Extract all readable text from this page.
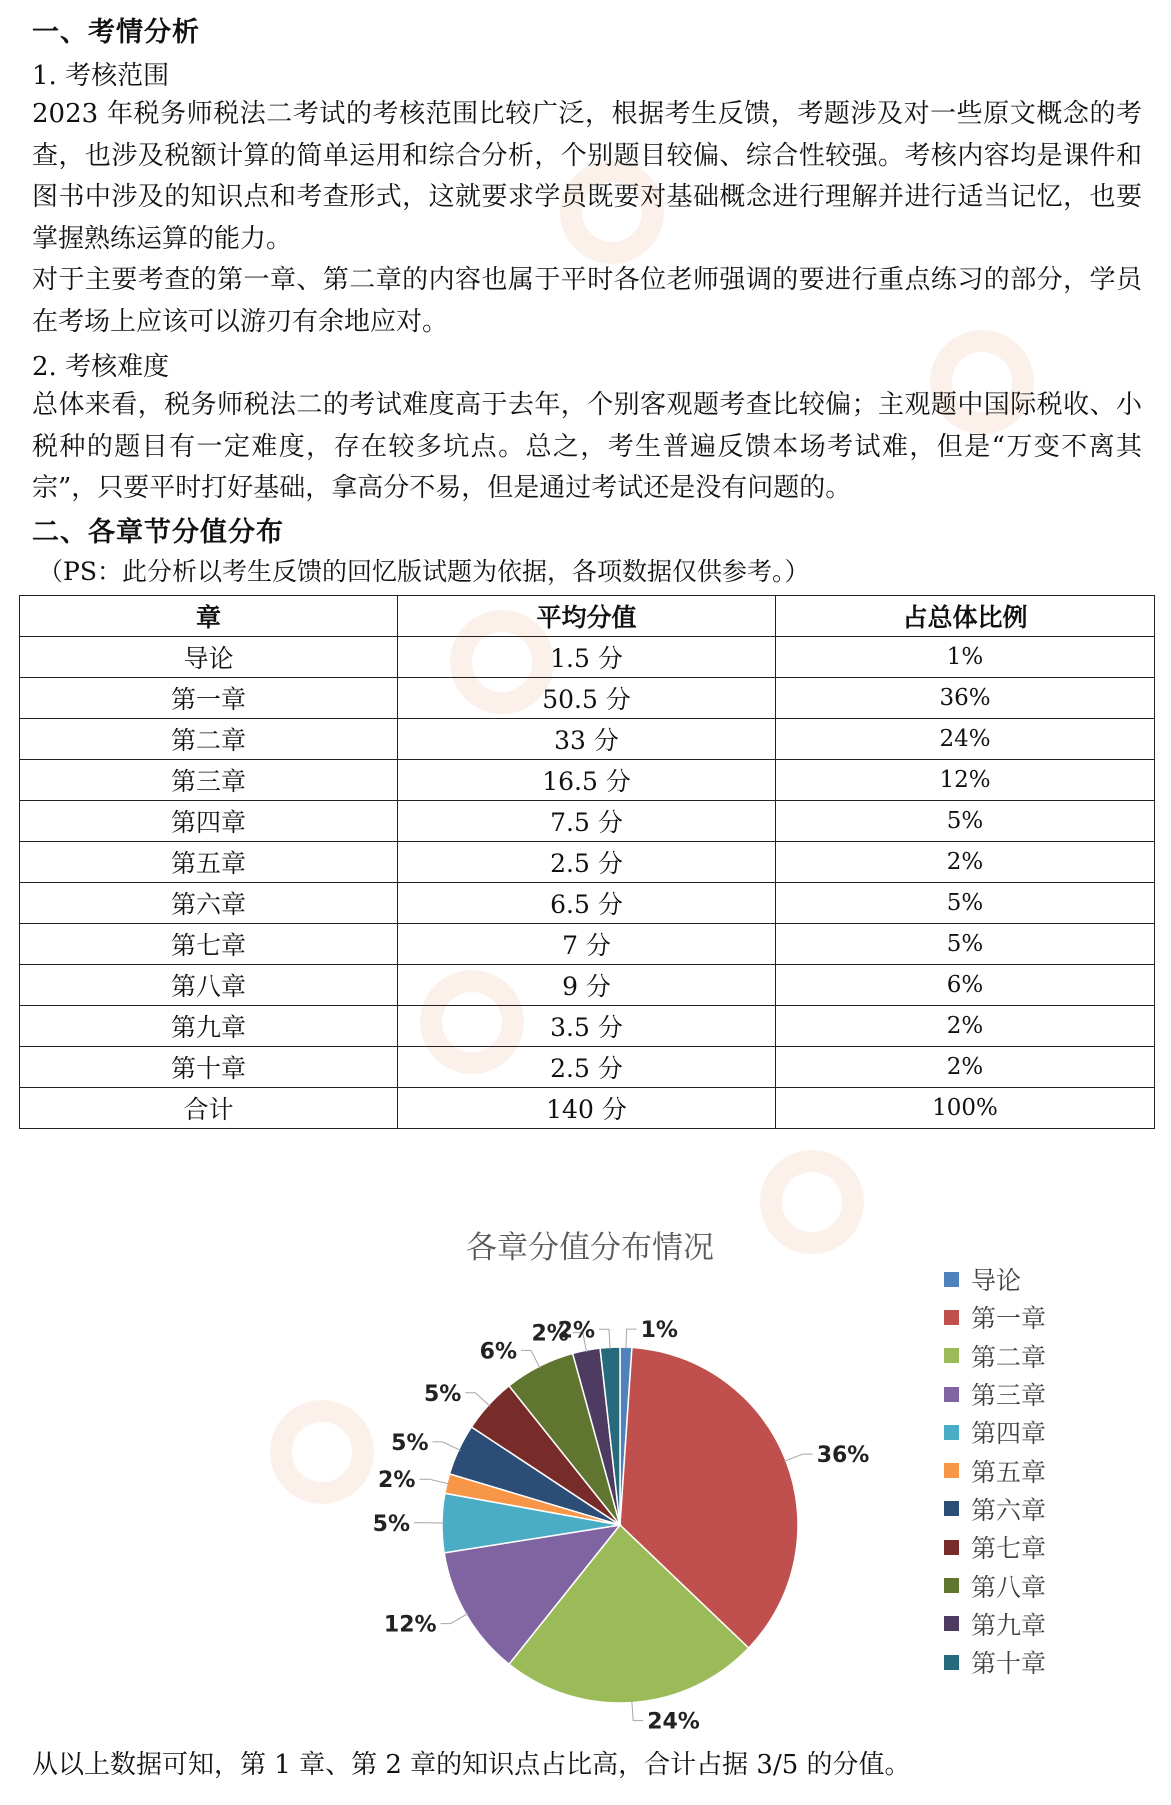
一、考情分析
1. 考核范围
2023 年税务师税法二考试的考核范围比较广泛，根据考生反馈，考题涉及对一些原文概念的考查，也涉及税额计算的简单运用和综合分析，个别题目较偏、综合性较强。考核内容均是课件和图书中涉及的知识点和考查形式，这就要求学员既要对基础概念进行理解并进行适当记忆，也要掌握熟练运算的能力。
对于主要考查的第一章、第二章的内容也属于平时各位老师强调的要进行重点练习的部分，学员在考场上应该可以游刃有余地应对。
2. 考核难度
总体来看，税务师税法二的考试难度高于去年，个别客观题考查比较偏；主观题中国际税收、小税种的题目有一定难度，存在较多坑点。总之，考生普遍反馈本场考试难，但是“万变不离其宗”，只要平时打好基础，拿高分不易，但是通过考试还是没有问题的。
二、各章节分值分布
（PS：此分析以考生反馈的回忆版试题为依据，各项数据仅供参考。）
章	平均分值	占总体比例
导论	1.5 分	1%
第一章	50.5 分	36%
第二章	33 分	24%
第三章	16.5 分	12%
第四章	7.5 分	5%
第五章	2.5 分	2%
第六章	6.5 分	5%
第七章	7 分	5%
第八章	9 分	6%
第九章	3.5 分	2%
第十章	2.5 分	2%
合计	140 分	100%
各章分值分布情况
1%
36%
24%
12%
5%
2%
5%
5%
6%
2%
2%
导论
第一章
第二章
第三章
第四章
第五章
第六章
第七章
第八章
第九章
第十章
从以上数据可知，第 1 章、第 2 章的知识点占比高，合计占据 3/5 的分值。
